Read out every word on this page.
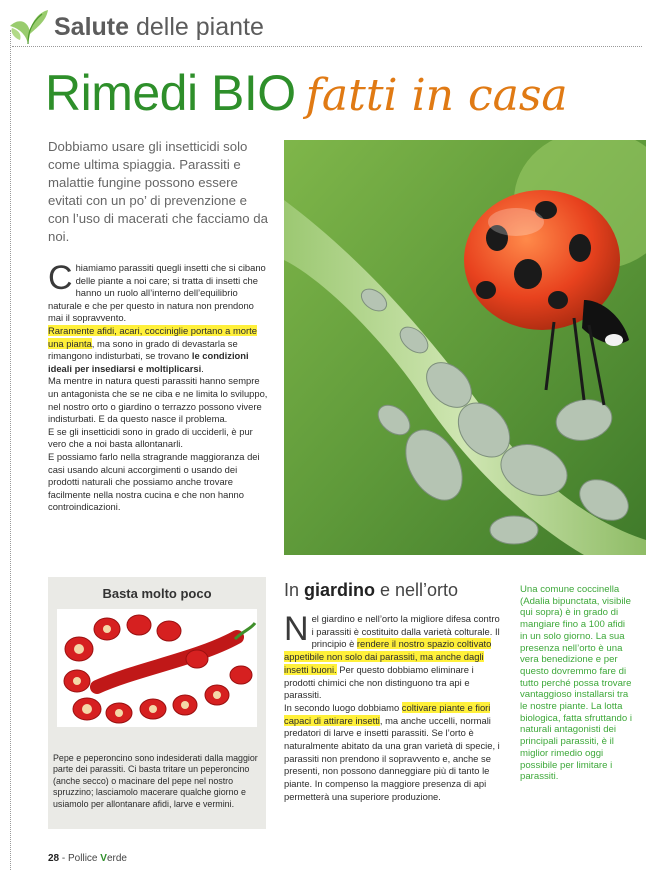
Salute delle piante
Rimedi BIO fatti in casa

Dobbiamo usare gli insetticidi solo come ultima spiaggia. Parassiti e malattie fungine possono essere evitati con un po’ di prevenzione e con l’uso di macerati che facciamo da noi.

Chiamiamo parassiti quegli insetti che si cibano delle piante a noi care; si tratta di insetti che hanno un ruolo all’interno dell’equilibrio naturale e che per questo in natura non prendono mai il sopravvento.

Raramente afidi, acari, cocciniglie portano a morte una pianta, ma sono in grado di devastarla se rimangono indisturbati, se trovano le condizioni ideali per insediarsi e moltiplicarsi.

Ma mentre in natura questi parassiti hanno sempre un antagonista che se ne ciba e ne limita lo sviluppo, nel nostro orto o giardino o terrazzo possono vivere indisturbati. E da questo nasce il problema.

E se gli insetticidi sono in grado di ucciderli, è pur vero che a noi basta allontanarli.

E possiamo farlo nella stragrande maggioranza dei casi usando alcuni accorgimenti o usando dei prodotti naturali che possiamo anche trovare facilmente nella nostra cucina e che non hanno controindicazioni.

Basta molto poco

Pepe e peperoncino sono indesiderati dalla maggior parte dei parassiti. Ci basta tritare un peperoncino (anche secco) o macinare del pepe nel nostro spruzzino; lasciamolo macerare qualche giorno e usiamolo per allontanare afidi, larve e vermini.

In giardino e nell’orto

Nel giardino e nell’orto la migliore difesa contro i parassiti è costituito dalla varietà colturale. Il principio è rendere il nostro spazio coltivato appetibile non solo dai parassiti, ma anche dagli insetti buoni. Per questo dobbiamo eliminare i prodotti chimici che non distinguono tra api e parassiti.

In secondo luogo dobbiamo coltivare piante e fiori capaci di attirare insetti, ma anche uccelli, normali predatori di larve e insetti parassiti. Se l’orto è naturalmente abitato da una gran varietà di specie, i parassiti non prendono il sopravvento e, anche se presenti, non possono danneggiare più di tanto le piante. In compenso la maggiore presenza di api permetterà una superiore produzione.

Una comune coccinella (Adalia bipunctata, visibile qui sopra) è in grado di mangiare fino a 100 afidi in un solo giorno. La sua presenza nell’orto è una vera benedizione e per questo dovremmo fare di tutto perché possa trovare vantaggioso installarsi tra le nostre piante. La lotta biologica, fatta sfruttando i naturali antagonisti dei principali parassiti, è il miglior rimedio oggi possibile per limitare i parassiti.

28 - Pollice Verde
